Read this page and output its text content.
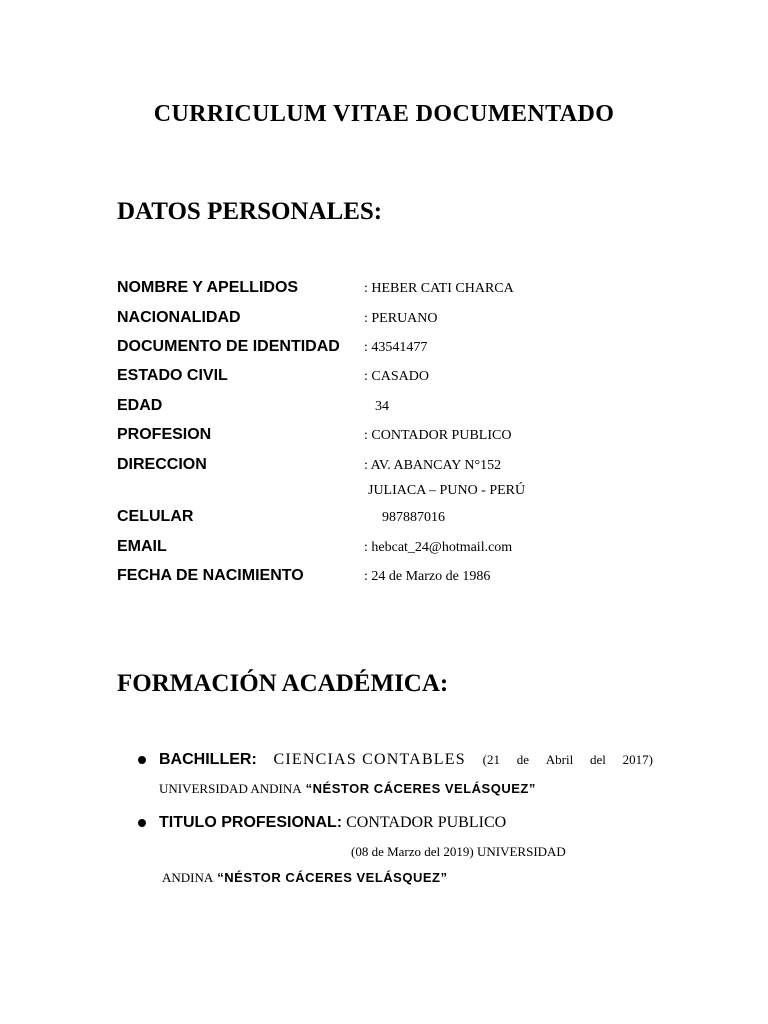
CURRICULUM VITAE DOCUMENTADO
DATOS PERSONALES:
NOMBRE Y APELLIDOS	: HEBER CATI CHARCA
NACIONALIDAD	: PERUANO
DOCUMENTO DE IDENTIDAD : 43541477
ESTADO CIVIL	: CASADO
EDAD	34
PROFESION	: CONTADOR PUBLICO
DIRECCION	: AV. ABANCAY N°152
JULIACA – PUNO - PERÚ
CELULAR	987887016
EMAIL	: hebcat_24@hotmail.com
FECHA DE NACIMIENTO	: 24 de Marzo de 1986
FORMACIÓN ACADÉMICA:
BACHILLER: CIENCIAS CONTABLES (21 de Abril del 2017)
UNIVERSIDAD ANDINA “NÉSTOR CÁCERES VELÁSQUEZ”
TITULO PROFESIONAL: CONTADOR PUBLICO
(08 de Marzo del 2019) UNIVERSIDAD
ANDINA “NÉSTOR CÁCERES VELÁSQUEZ”
